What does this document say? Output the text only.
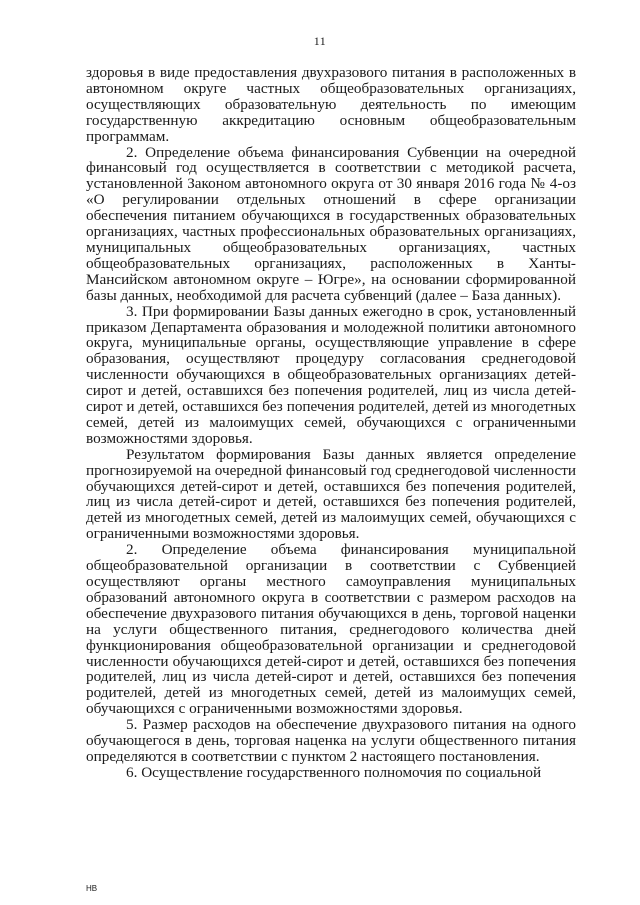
11

здоровья в виде предоставления двухразового питания в расположенных в автономном округе частных общеобразовательных организациях, осуществляющих образовательную деятельность по имеющим государственную аккредитацию основным общеобразовательным программам.

2. Определение объема финансирования Субвенции на очередной финансовый год осуществляется в соответствии с методикой расчета, установленной Законом автономного округа от 30 января 2016 года № 4-оз «О регулировании отдельных отношений в сфере организации обеспечения питанием обучающихся в государственных образовательных организациях, частных профессиональных образовательных организациях, муниципальных общеобразовательных организациях, частных общеобразовательных организациях, расположенных в Ханты-Мансийском автономном округе – Югре», на основании сформированной базы данных, необходимой для расчета субвенций (далее – База данных).

3. При формировании Базы данных ежегодно в срок, установленный приказом Департамента образования и молодежной политики автономного округа, муниципальные органы, осуществляющие управление в сфере образования, осуществляют процедуру согласования среднегодовой численности обучающихся в общеобразовательных организациях детей-сирот и детей, оставшихся без попечения родителей, лиц из числа детей-сирот и детей, оставшихся без попечения родителей, детей из многодетных семей, детей из малоимущих семей, обучающихся с ограниченными возможностями здоровья.

Результатом формирования Базы данных является определение прогнозируемой на очередной финансовый год среднегодовой численности обучающихся детей-сирот и детей, оставшихся без попечения родителей, лиц из числа детей-сирот и детей, оставшихся без попечения родителей, детей из многодетных семей, детей из малоимущих семей, обучающихся с ограниченными возможностями здоровья.

2. Определение объема финансирования муниципальной общеобразовательной организации в соответствии с Субвенцией осуществляют органы местного самоуправления муниципальных образований автономного округа в соответствии с размером расходов на обеспечение двухразового питания обучающихся в день, торговой наценки на услуги общественного питания, среднегодового количества дней функционирования общеобразовательной организации и среднегодовой численности обучающихся детей-сирот и детей, оставшихся без попечения родителей, лиц из числа детей-сирот и детей, оставшихся без попечения родителей, детей из многодетных семей, детей из малоимущих семей, обучающихся с ограниченными возможностями здоровья.

5. Размер расходов на обеспечение двухразового питания на одного обучающегося в день, торговая наценка на услуги общественного питания определяются в соответствии с пунктом 2 настоящего постановления.

6. Осуществление государственного полномочия по социальной

НВ
